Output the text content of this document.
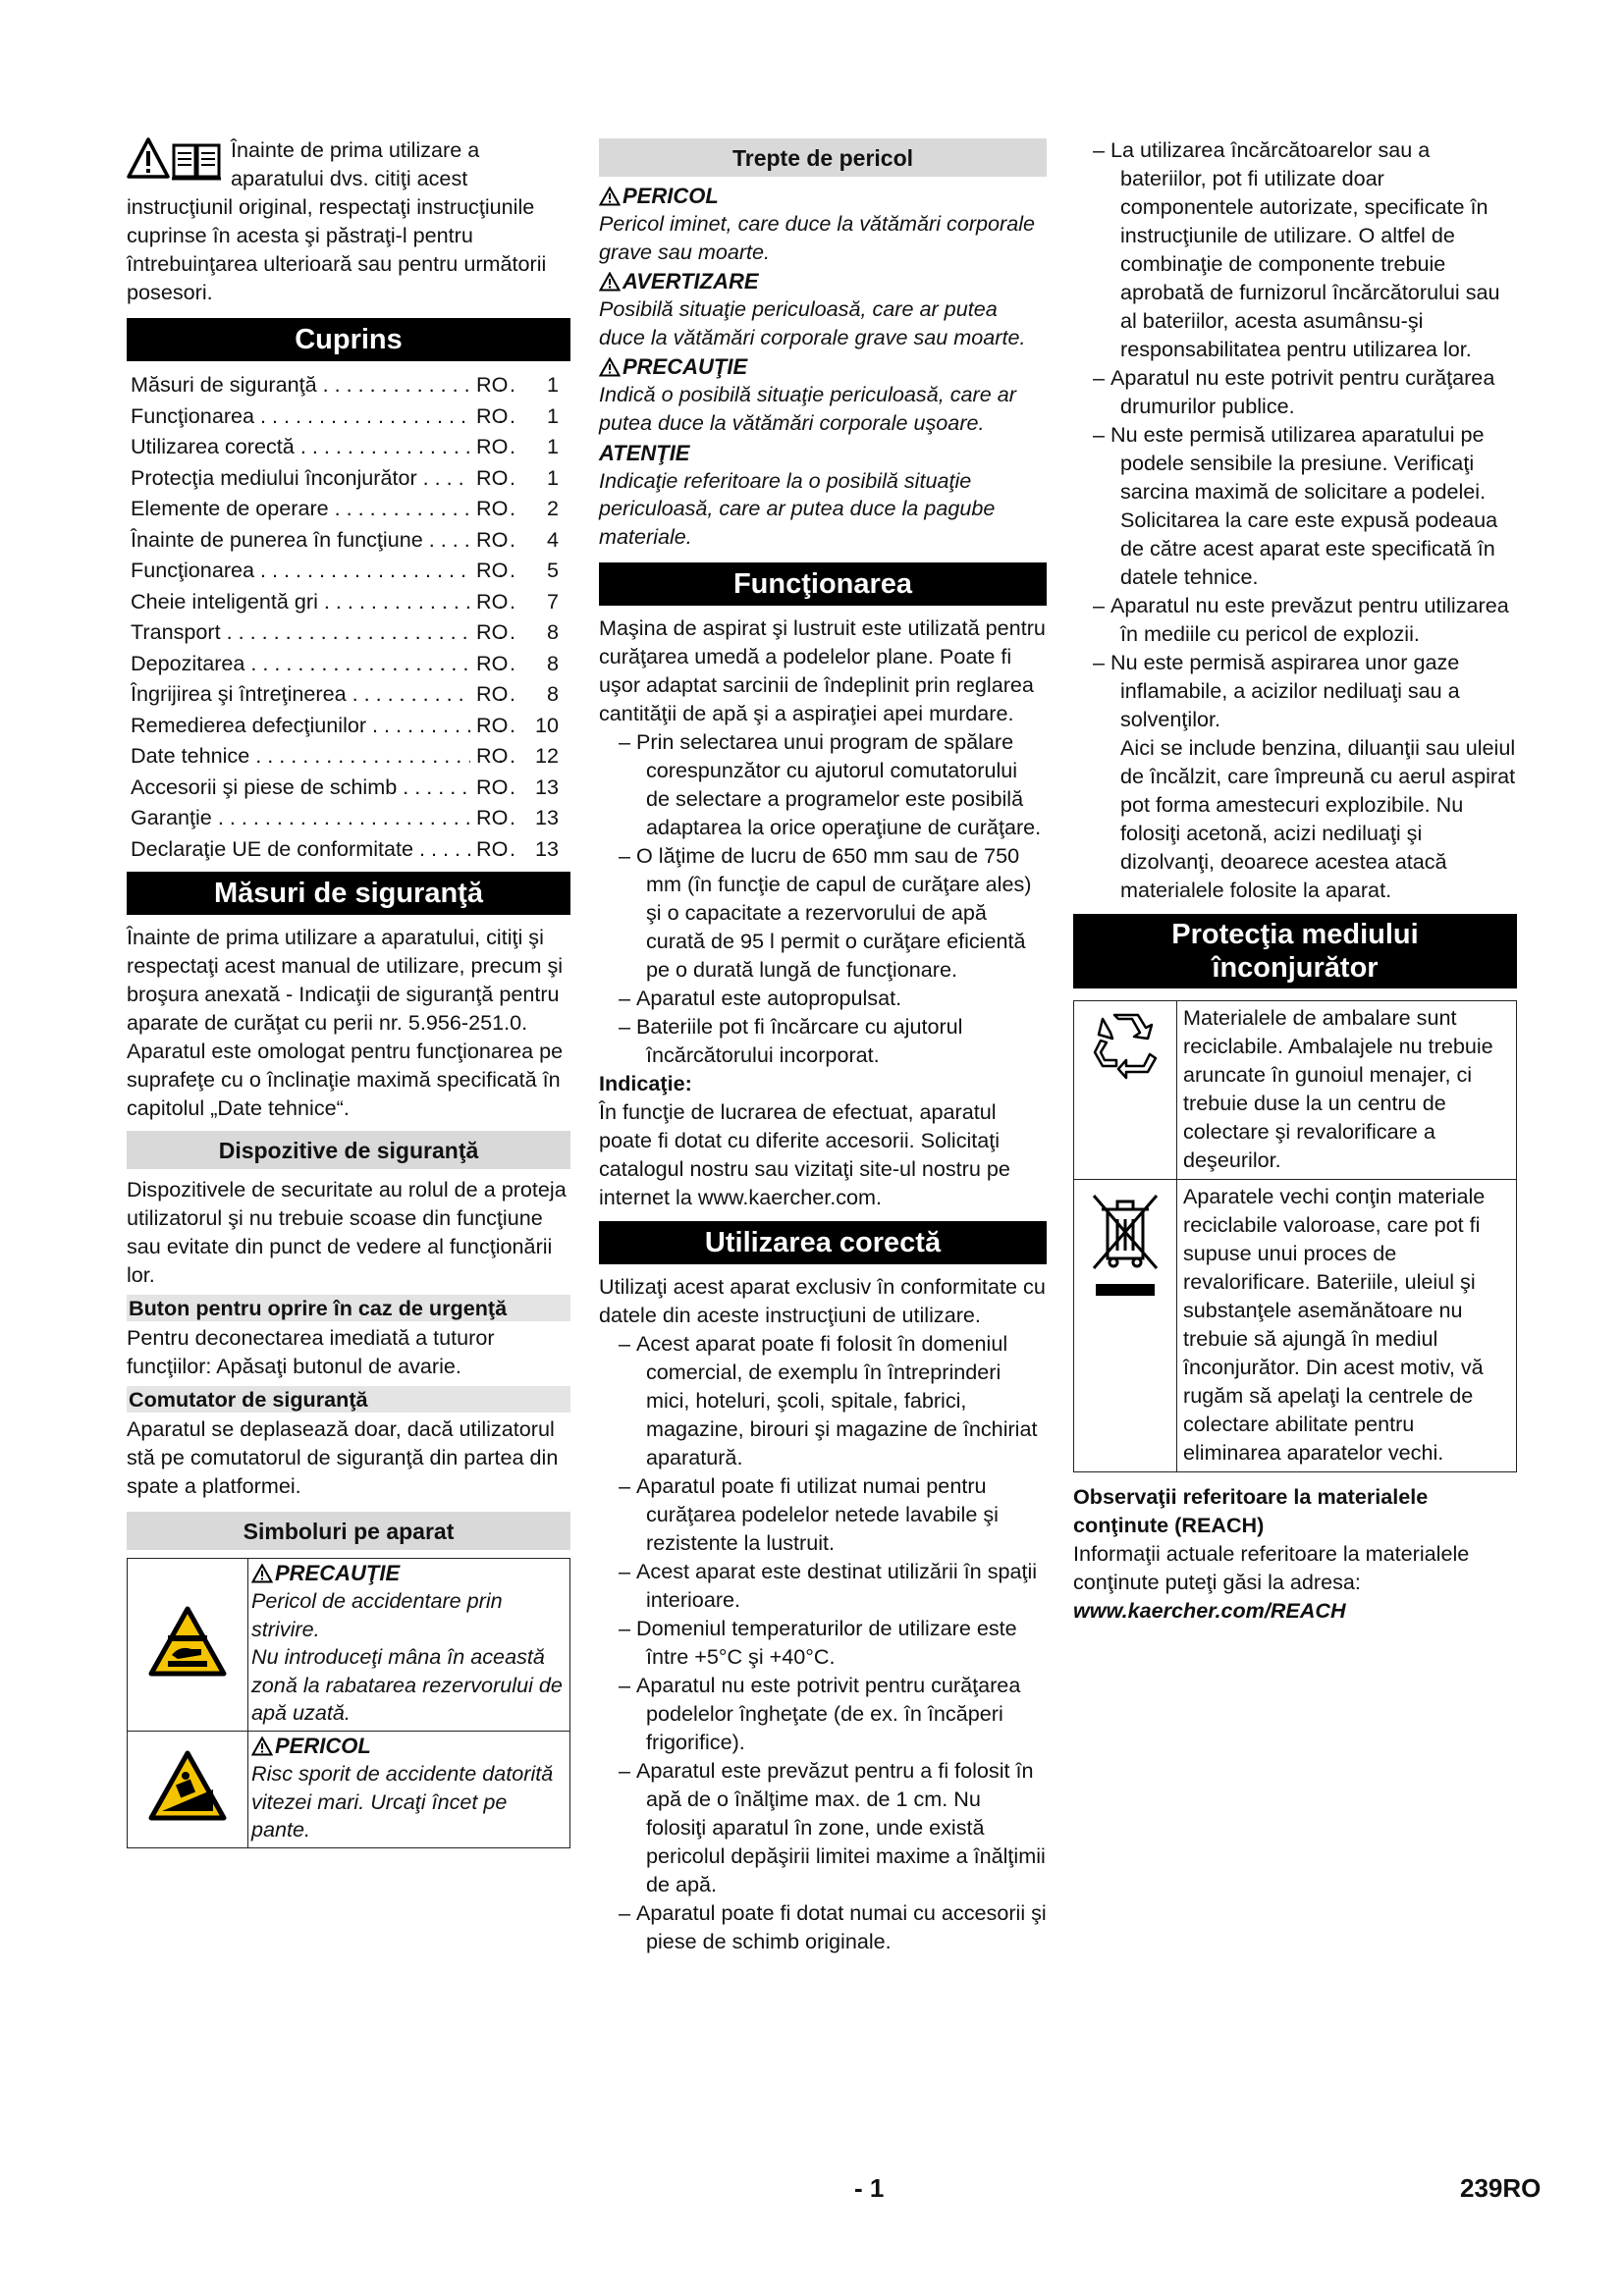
Înainte de prima utilizare a aparatului dvs. citiţi acest instrucţiunil original, respectaţi instrucţiunile cuprinse în acesta şi păstraţi-l pentru întrebuinţarea ulterioară sau pentru următorii posesori.

Cuprins
Măsuri de siguranţă . . .	RO	. . 1
Funcţionarea . . .	RO	. . 1
Utilizarea corectă . . .	RO	. . 1
Protecţia mediului înconjurător . . .	RO	. . 1
Elemente de operare . . .	RO	. . 2
Înainte de punerea în funcţiune . . .	RO	. . 4
Funcţionarea . . .	RO	. . 5
Cheie inteligentă gri . . .	RO	. . 7
Transport . . .	RO	. . 8
Depozitarea . . .	RO	. . 8
Îngrijirea şi întreţinerea . . .	RO	. . 8
Remedierea defecţiunilor . . .	RO	. . 10
Date tehnice . . .	RO	. . 12
Accesorii şi piese de schimb . . .	RO	. . 13
Garanţie . . .	RO	. . 13
Declaraţie UE de conformitate . . .	RO	. . 13
Măsuri de siguranţă

Înainte de prima utilizare a aparatului, citiţi şi respectaţi acest manual de utilizare, precum şi broşura anexată - Indicaţii de siguranţă pentru aparate de curăţat cu perii nr. 5.956-251.0.

Aparatul este omologat pentru funcţionarea pe suprafeţe cu o înclinaţie maximă specificată în capitolul „Date tehnice“.

Dispozitive de siguranţă

Dispozitivele de securitate au rolul de a proteja utilizatorul şi nu trebuie scoase din funcţiune sau evitate din punct de vedere al funcţionării lor.

Buton pentru oprire în caz de urgenţă

Pentru deconectarea imediată a tuturor funcţiilor: Apăsaţi butonul de avarie.

Comutator de siguranţă

Aparatul se deplasează doar, dacă utilizatorul stă pe comutatorul de siguranţă din partea din spate a platformei.

Simboluri pe aparat

PRECAUŢIE
Pericol de accidentare prin strivire.
Nu introduceţi mâna în această zonă la rabatarea rezervorului de apă uzată.

PERICOL
Risc sporit de accidente datorită vitezei mari. Urcaţi încet pe pante.
Trepte de pericol
PERICOL
Pericol iminet, care duce la vătămări corporale grave sau moarte.
AVERTIZARE
Posibilă situaţie periculoasă, care ar putea duce la vătămări corporale grave sau moarte.
PRECAUŢIE
Indică o posibilă situaţie periculoasă, care ar putea duce la vătămări corporale uşoare.
ATENŢIE
Indicaţie referitoare la o posibilă situaţie periculoasă, care ar putea duce la pagube materiale.
Funcţionarea

Maşina de aspirat şi lustruit este utilizată pentru curăţarea umedă a podelelor plane. Poate fi uşor adaptat sarcinii de îndeplinit prin reglarea cantităţii de apă şi a aspiraţiei apei murdare.

– Prin selectarea unui program de spălare corespunzător cu ajutorul comutatorului de selectare a programelor este posibilă adaptarea la orice operaţiune de curăţare.

– O lăţime de lucru de 650 mm sau de 750 mm (în funcţie de capul de curăţare ales) şi o capacitate a rezervorului de apă curată de 95 l permit o curăţare eficientă pe o durată lungă de funcţionare.

– Aparatul este autopropulsat.

– Bateriile pot fi încărcare cu ajutorul încărcătorului incorporat.

Indicaţie:

În funcţie de lucrarea de efectuat, aparatul poate fi dotat cu diferite accesorii. Solicitaţi catalogul nostru sau vizitaţi site-ul nostru pe internet la www.kaercher.com.

Utilizarea corectă

Utilizaţi acest aparat exclusiv în conformitate cu datele din aceste instrucţiuni de utilizare.

– Acest aparat poate fi folosit în domeniul comercial, de exemplu în întreprinderi mici, hoteluri, şcoli, spitale, fabrici, magazine, birouri şi magazine de închiriat aparatură.

– Aparatul poate fi utilizat numai pentru curăţarea podelelor netede lavabile şi rezistente la lustruit.

– Acest aparat este destinat utilizării în spaţii interioare.

– Domeniul temperaturilor de utilizare este între +5°C şi +40°C.

– Aparatul nu este potrivit pentru curăţarea podelelor îngheţate (de ex. în încăperi frigorifice).

– Aparatul este prevăzut pentru a fi folosit în apă de o înălţime max. de 1 cm. Nu folosiţi aparatul în zone, unde există pericolul depăşirii limitei maxime a înălţimii de apă.

– Aparatul poate fi dotat numai cu accesorii şi piese de schimb originale.

– La utilizarea încărcătoarelor sau a bateriilor, pot fi utilizate doar componentele autorizate, specificate în instrucţiunile de utilizare. O altfel de combinaţie de componente trebuie aprobată de furnizorul încărcătorului sau al bateriilor, acesta asumânsu-şi responsabilitatea pentru utilizarea lor.

– Aparatul nu este potrivit pentru curăţarea drumurilor publice.

– Nu este permisă utilizarea aparatului pe podele sensibile la presiune. Verificaţi sarcina maximă de solicitare a podelei. Solicitarea la care este expusă podeaua de către acest aparat este specificată în datele tehnice.

– Aparatul nu este prevăzut pentru utilizarea în mediile cu pericol de explozii.

– Nu este permisă aspirarea unor gaze inflamabile, a acizilor nediluaţi sau a solvenţilor.

Aici se include benzina, diluanţii sau uleiul de încălzit, care împreună cu aerul aspirat pot forma amestecuri explozibile. Nu folosiţi acetonă, acizi nediluaţi şi dizolvanţi, deoarece acestea atacă materialele folosite la aparat.

Protecţia mediului înconjurător
	Materialele de ambalare sunt reciclabile. Ambalajele nu trebuie aruncate în gunoiul menajer, ci trebuie duse la un centru de colectare şi revalorificare a deşeurilor.
	Aparatele vechi conţin materiale reciclabile valoroase, care pot fi supuse unui proces de revalorificare. Bateriile, uleiul şi substanţele asemănătoare nu trebuie să ajungă în mediul înconjurător. Din acest motiv, vă rugăm să apelaţi la centrele de colectare abilitate pentru eliminarea aparatelor vechi.

Observaţii referitoare la materialele conţinute (REACH)

Informaţii actuale referitoare la materialele conţinute puteţi găsi la adresa:

www.kaercher.com/REACH

- 1	239RO
